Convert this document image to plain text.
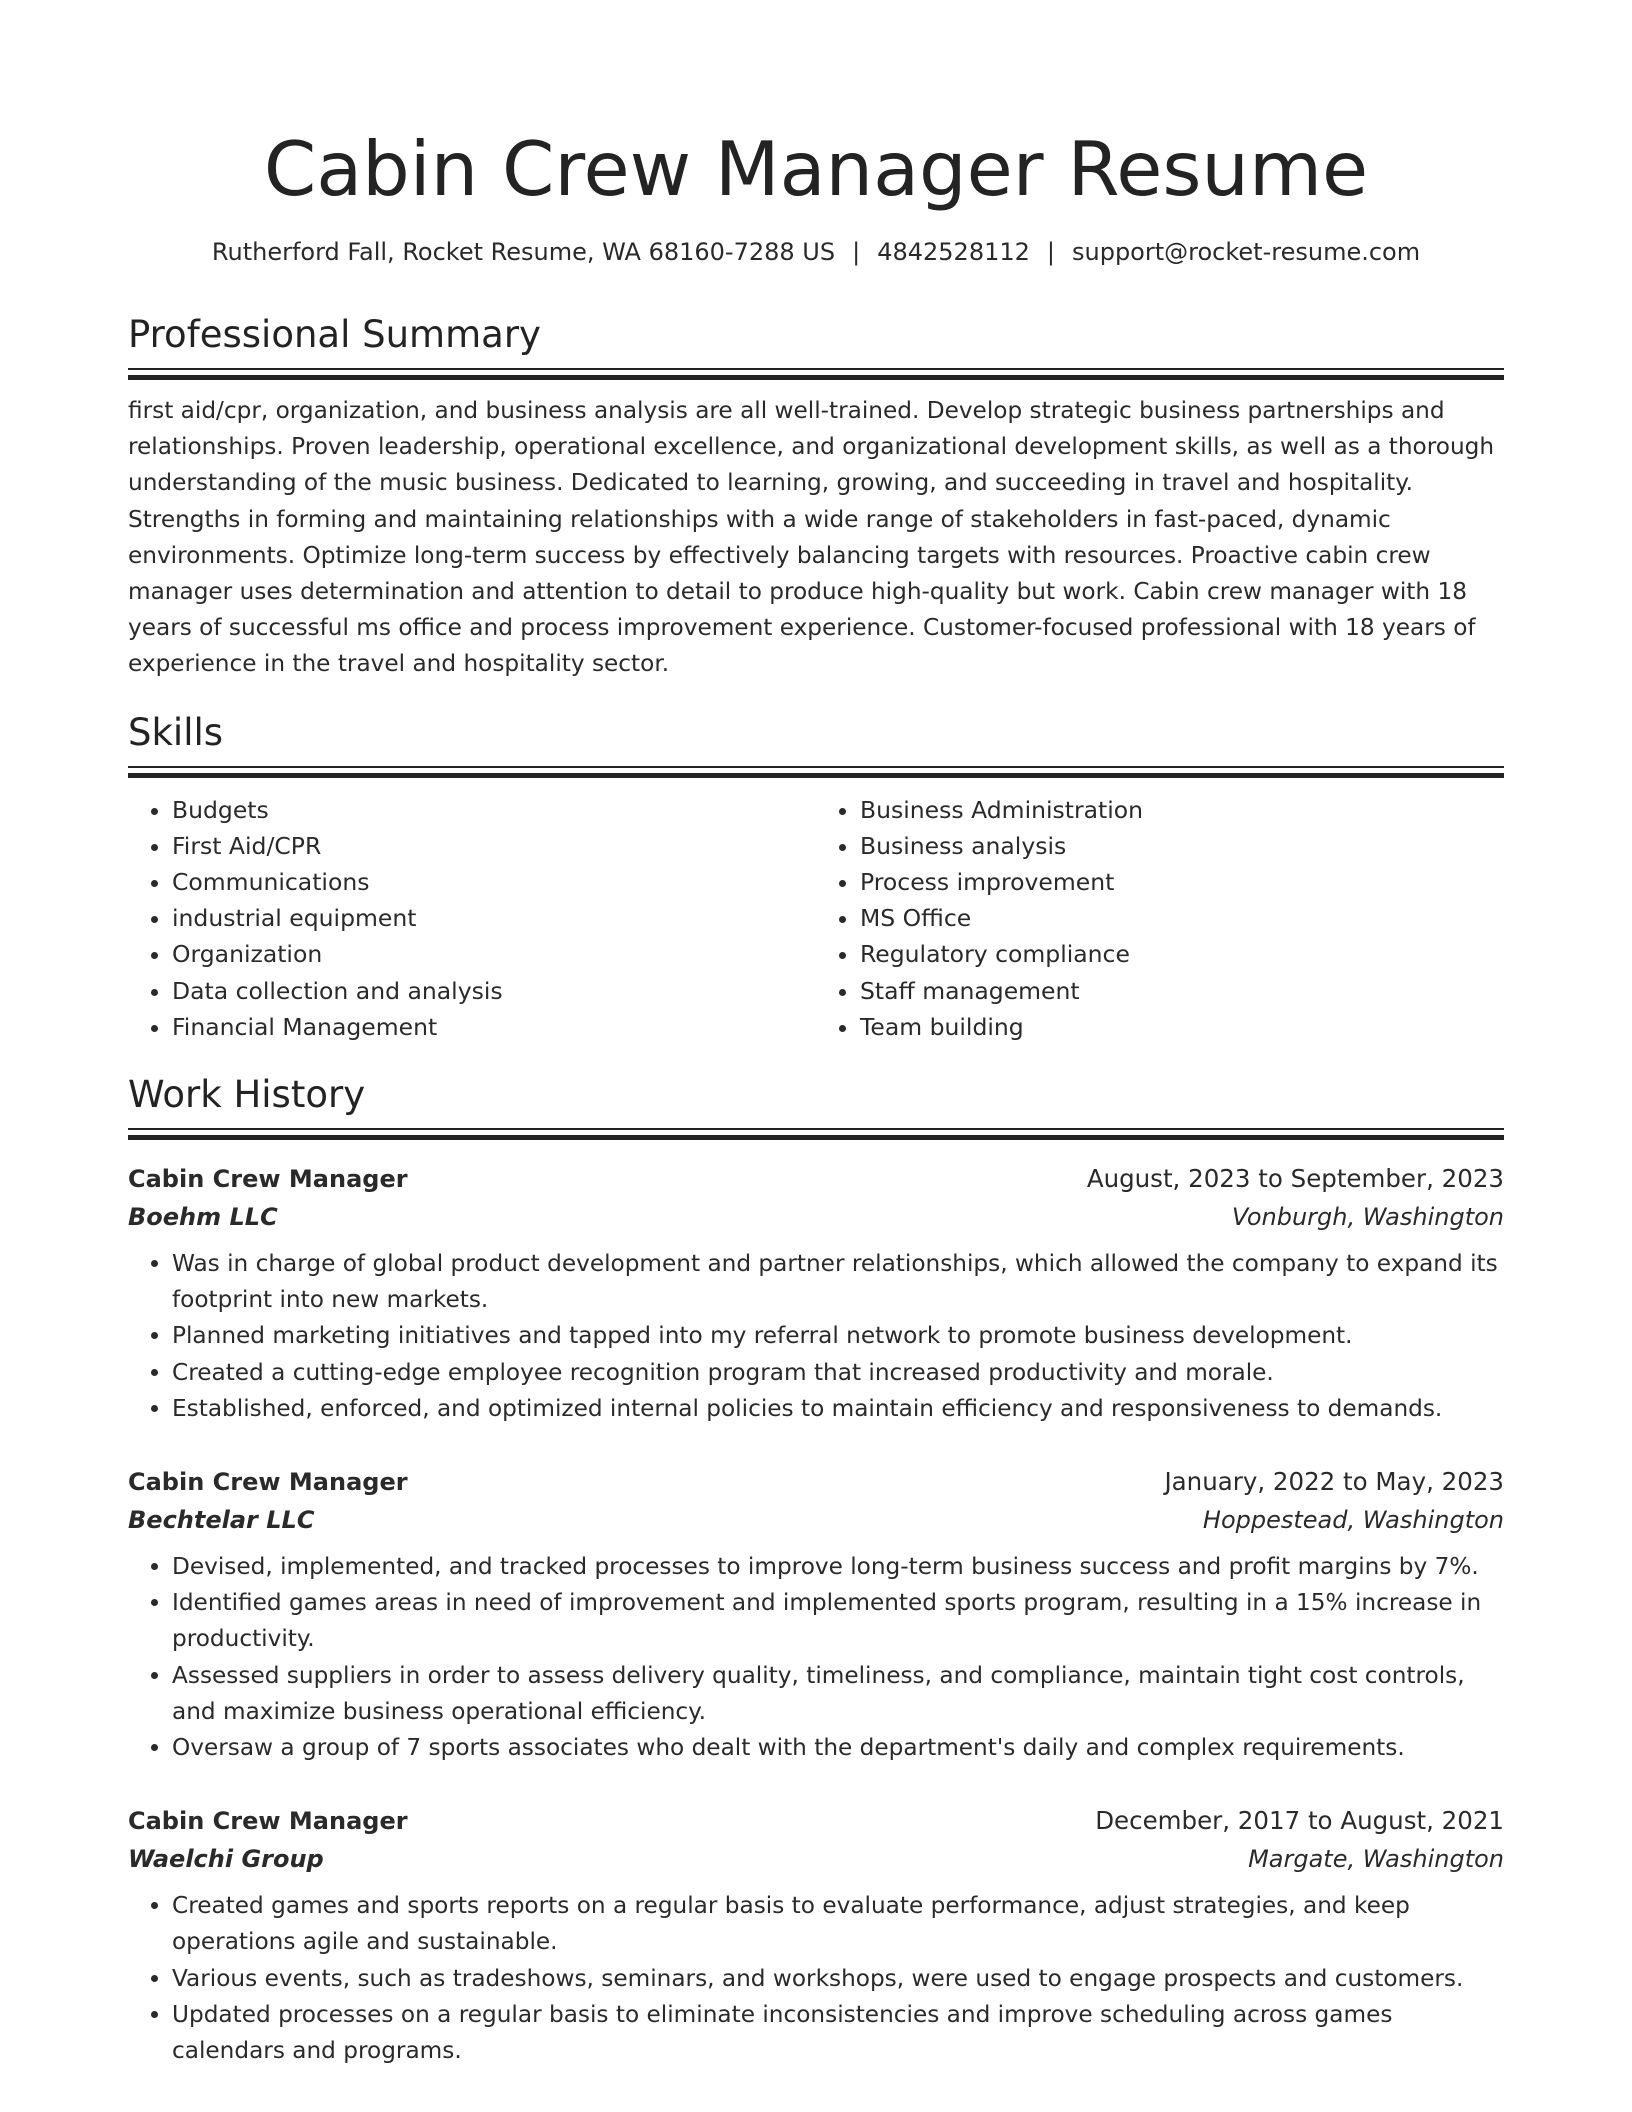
Cabin Crew Manager Resume
Rutherford Fall, Rocket Resume, WA 68160-7288 US | 4842528112 | support@rocket-resume.com
Professional Summary

first aid/cpr, organization, and business analysis are all well-trained. Develop strategic business partnerships and relationships. Proven leadership, operational excellence, and organizational development skills, as well as a thorough understanding of the music business. Dedicated to learning, growing, and succeeding in travel and hospitality. Strengths in forming and maintaining relationships with a wide range of stakeholders in fast-paced, dynamic environments. Optimize long-term success by effectively balancing targets with resources. Proactive cabin crew manager uses determination and attention to detail to produce high-quality but work. Cabin crew manager with 18 years of successful ms office and process improvement experience. Customer-focused professional with 18 years of experience in the travel and hospitality sector.

Skills
• Budgets
• First Aid/CPR
• Communications
• industrial equipment
• Organization
• Data collection and analysis
• Financial Management
• Business Administration
• Business analysis
• Process improvement
• MS Office
• Regulatory compliance
• Staff management
• Team building
Work History
Cabin Crew Manager	August, 2023 to September, 2023
Boehm LLC	Vonburgh, Washington
• Was in charge of global product development and partner relationships, which allowed the company to expand its footprint into new markets.
• Planned marketing initiatives and tapped into my referral network to promote business development.
• Created a cutting-edge employee recognition program that increased productivity and morale.
• Established, enforced, and optimized internal policies to maintain efficiency and responsiveness to demands.
Cabin Crew Manager	January, 2022 to May, 2023
Bechtelar LLC	Hoppestead, Washington
• Devised, implemented, and tracked processes to improve long-term business success and profit margins by 7%.
• Identified games areas in need of improvement and implemented sports program, resulting in a 15% increase in productivity.
• Assessed suppliers in order to assess delivery quality, timeliness, and compliance, maintain tight cost controls, and maximize business operational efficiency.
• Oversaw a group of 7 sports associates who dealt with the department's daily and complex requirements.
Cabin Crew Manager	December, 2017 to August, 2021
Waelchi Group	Margate, Washington
• Created games and sports reports on a regular basis to evaluate performance, adjust strategies, and keep operations agile and sustainable.
• Various events, such as tradeshows, seminars, and workshops, were used to engage prospects and customers.
• Updated processes on a regular basis to eliminate inconsistencies and improve scheduling across games calendars and programs.
